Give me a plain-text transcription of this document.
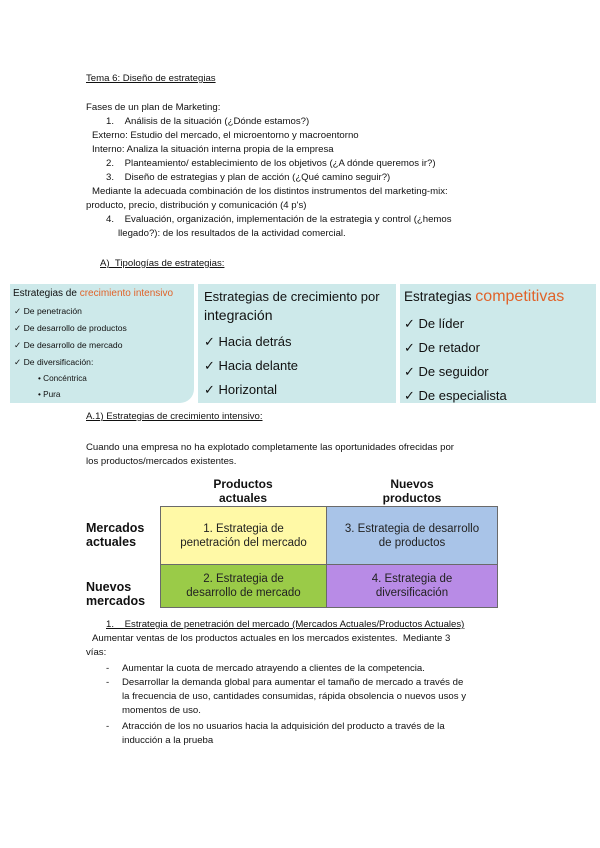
Tema 6: Diseño de estrategias
Fases de un plan de Marketing:
1.    Análisis de la situación (¿Dónde estamos?)
Externo: Estudio del mercado, el microentorno y macroentorno
Interno: Analiza la situación interna propia de la empresa
2.    Planteamiento/ establecimiento de los objetivos (¿A dónde queremos ir?)
3.    Diseño de estrategias y plan de acción (¿Qué camino seguir?)
Mediante la adecuada combinación de los distintos instrumentos del marketing-mix:
producto, precio, distribución y comunicación (4 p's)
4.    Evaluación, organización, implementación de la estrategia y control (¿hemos
llegado?): de los resultados de la actividad comercial.
A)  Tipologías de estrategias:
Estrategias de crecimiento intensivo
✓ De penetración
✓ De desarrollo de productos
✓ De desarrollo de mercado
✓ De diversificación:
• Concéntrica
• Pura
Estrategias de crecimiento por
integración
✓ Hacia detrás
✓ Hacia delante
✓ Horizontal
Estrategias competitivas
✓ De líder
✓ De retador
✓ De seguidor
✓ De especialista
A.1) Estrategias de crecimiento intensivo:
Cuando una empresa no ha explotado completamente las oportunidades ofrecidas por
los productos/mercados existentes.
Productos
actuales
Nuevos
productos
Mercados
actuales
Nuevos
mercados
1. Estrategia de
penetración del mercado
3. Estrategia de desarrollo
de productos
2. Estrategia de
desarrollo de mercado
4. Estrategia de
diversificación
1.    Estrategia de penetración del mercado (Mercados Actuales/Productos Actuales)
Aumentar ventas de los productos actuales en los mercados existentes.  Mediante 3
vías:
- Aumentar la cuota de mercado atrayendo a clientes de la competencia.
- Desarrollar la demanda global para aumentar el tamaño de mercado a través de
la frecuencia de uso, cantidades consumidas, rápida obsolencia o nuevos usos y
momentos de uso.
- Atracción de los no usuarios hacia la adquisición del producto a través de la
inducción a la prueba
